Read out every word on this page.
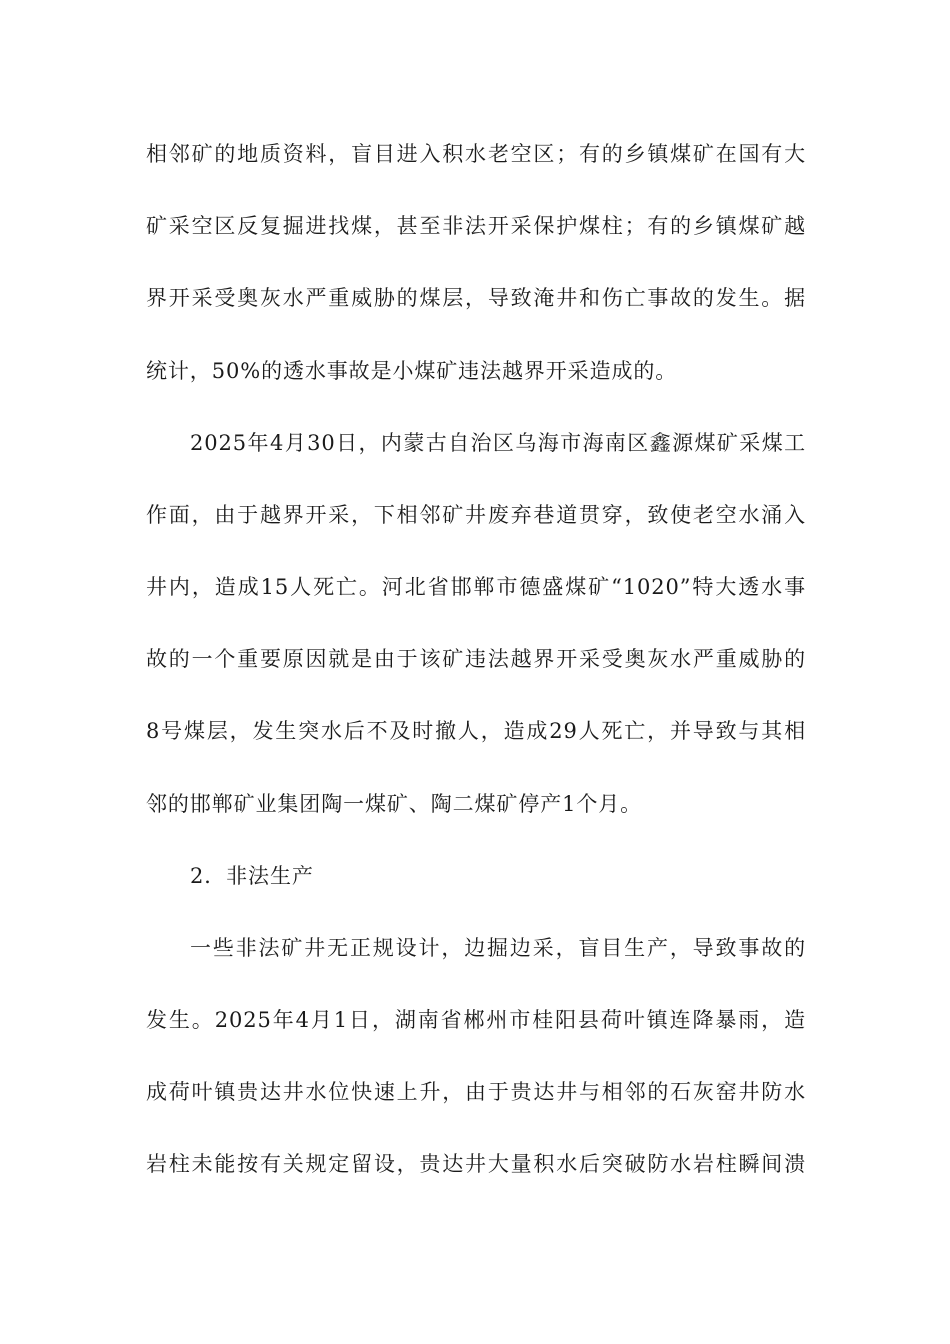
相邻矿的地质资料，盲目进入积水老空区；有的乡镇煤矿在国有大
矿采空区反复掘进找煤，甚至非法开采保护煤柱；有的乡镇煤矿越
界开采受奥灰水严重威胁的煤层，导致淹井和伤亡事故的发生。据
统计，50%的透水事故是小煤矿违法越界开采造成的。
2025年4月30日，内蒙古自治区乌海市海南区鑫源煤矿采煤工
作面，由于越界开采，下相邻矿井废弃巷道贯穿，致使老空水涌入
井内，造成15人死亡。河北省邯郸市德盛煤矿“1020”特大透水事
故的一个重要原因就是由于该矿违法越界开采受奥灰水严重威胁的
8号煤层，发生突水后不及时撤人，造成29人死亡，并导致与其相
邻的邯郸矿业集团陶一煤矿、陶二煤矿停产1个月。
2．非法生产
一些非法矿井无正规设计，边掘边采，盲目生产，导致事故的
发生。2025年4月1日，湖南省郴州市桂阳县荷叶镇连降暴雨，造
成荷叶镇贵达井水位快速上升，由于贵达井与相邻的石灰窑井防水
岩柱未能按有关规定留设，贵达井大量积水后突破防水岩柱瞬间溃
